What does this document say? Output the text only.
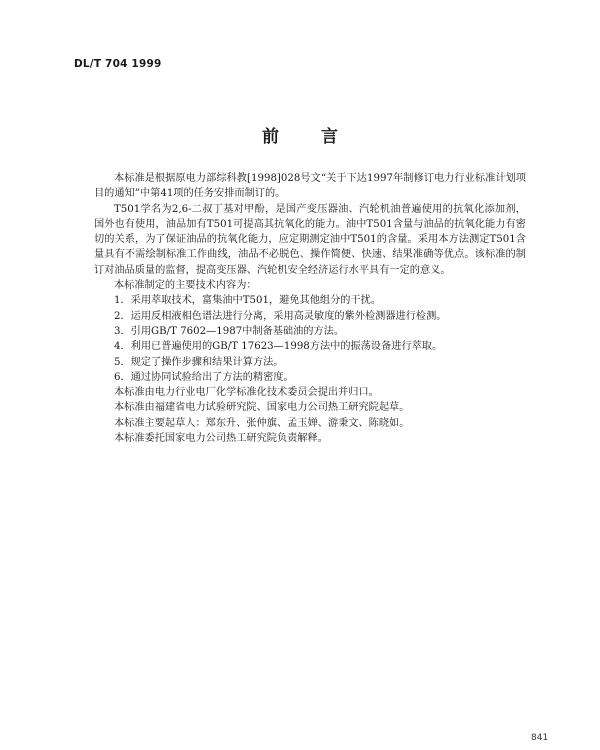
DL/T 704 1999
前言

本标准是根据原电力部综科教[1998]028号文“关于下达1997年制修订电力行业标准计划项目的通知”中第41项的任务安排而制订的。

T501学名为2,6-二叔丁基对甲酚，是国产变压器油、汽轮机油普遍使用的抗氧化添加剂，国外也有使用，油品加有T501可提高其抗氧化的能力。油中T501含量与油品的抗氧化能力有密切的关系，为了保证油品的抗氧化能力，应定期测定油中T501的含量。采用本方法测定T501含量具有不需绘制标准工作曲线，油品不必脱色、操作简便、快速、结果准确等优点。该标准的制订对油品质量的监督，提高变压器、汽轮机安全经济运行水平具有一定的意义。

本标准制定的主要技术内容为：

1．采用萃取技术，富集油中T501，避免其他组分的干扰。

2．运用反相液相色谱法进行分离，采用高灵敏度的紫外检测器进行检测。

3．引用GB/T 7602—1987中制备基础油的方法。

4．利用已普遍使用的GB/T 17623—1998方法中的振荡设备进行萃取。

5．规定了操作步骤和结果计算方法。

6．通过协同试验给出了方法的精密度。

本标准由电力行业电厂化学标准化技术委员会提出并归口。

本标准由福建省电力试验研究院、国家电力公司热工研究院起草。

本标准主要起草人：郑东升、张仲旗、孟玉婵、游秉文、陈晓如。

本标准委托国家电力公司热工研究院负责解释。

841
